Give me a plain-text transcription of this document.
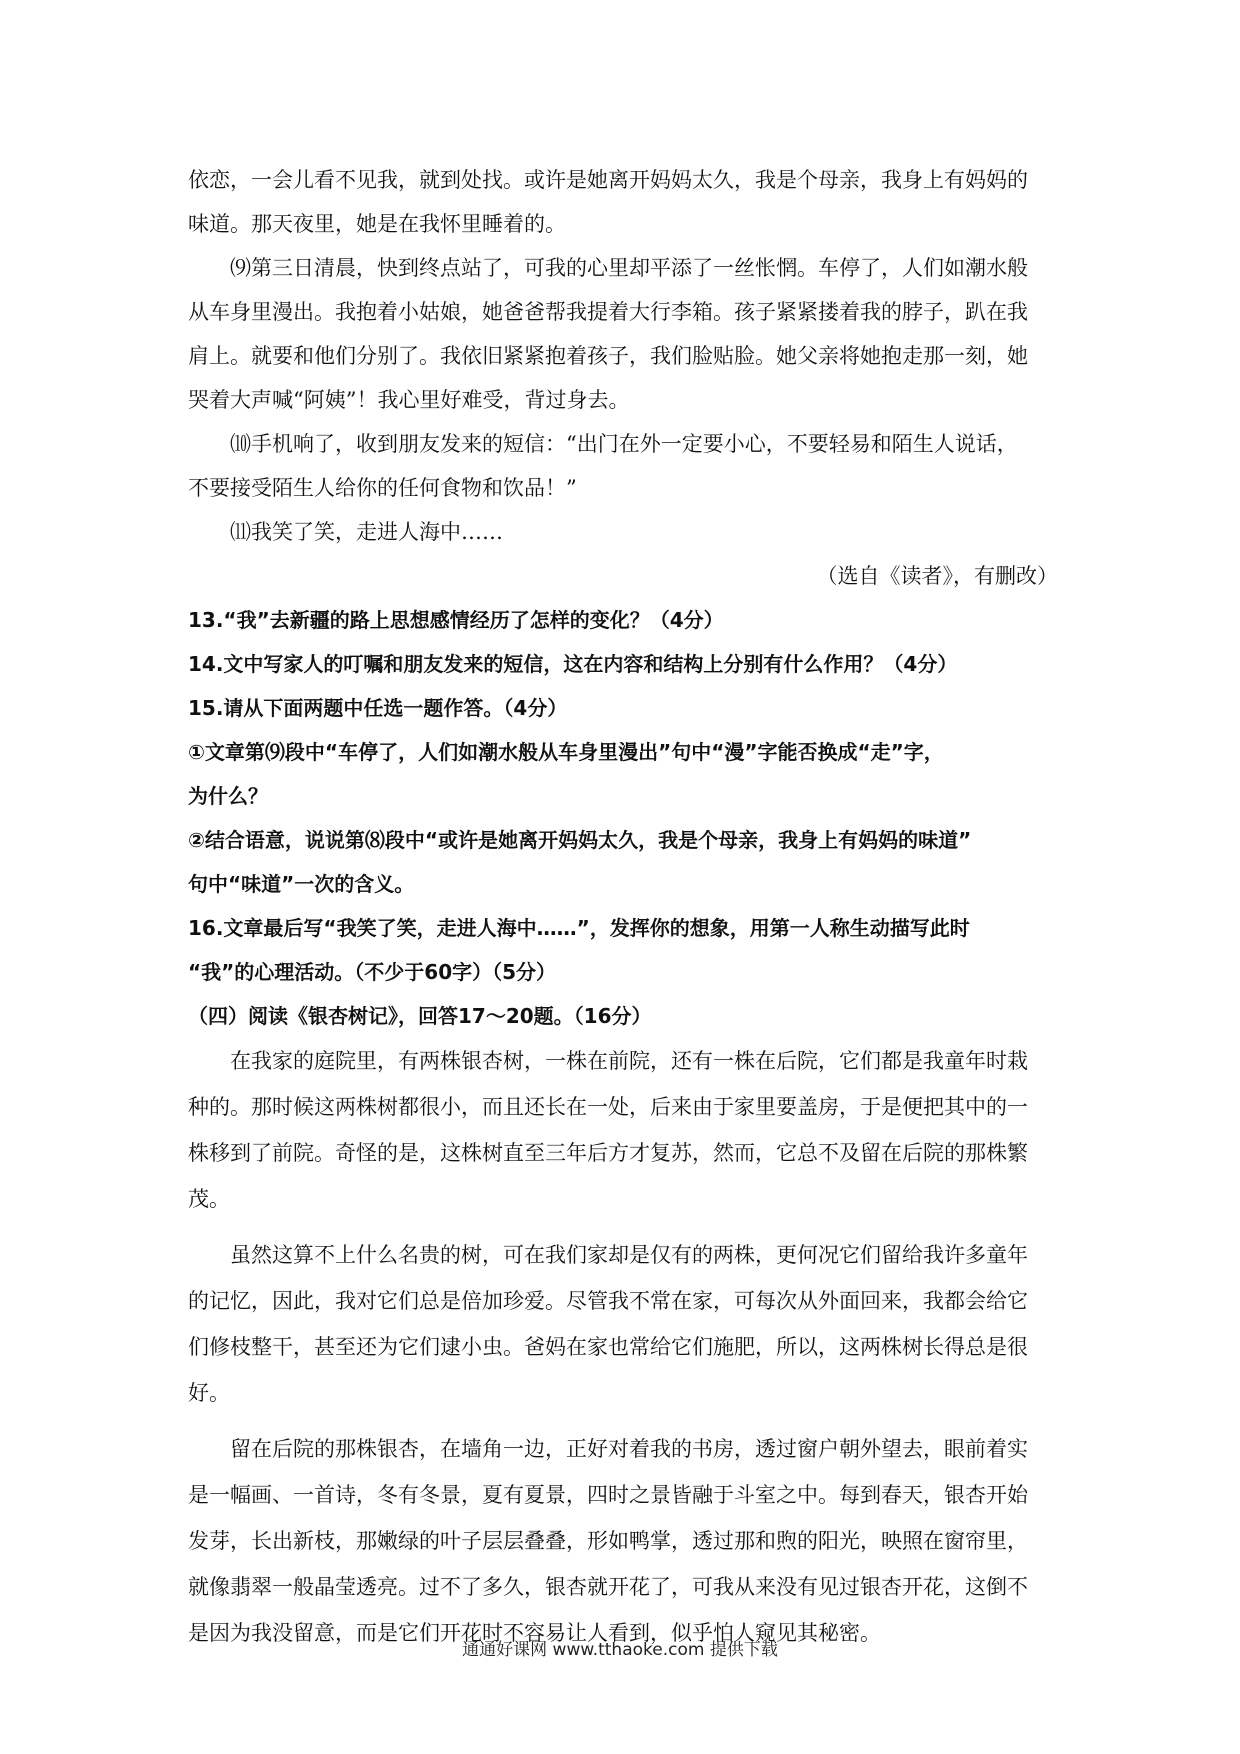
依恋，一会儿看不见我，就到处找。或许是她离开妈妈太久，我是个母亲，我身上有妈妈的
味道。那天夜里，她是在我怀里睡着的。
⑼第三日清晨，快到终点站了，可我的心里却平添了一丝怅惘。车停了，人们如潮水般
从车身里漫出。我抱着小姑娘，她爸爸帮我提着大行李箱。孩子紧紧搂着我的脖子，趴在我
肩上。就要和他们分别了。我依旧紧紧抱着孩子，我们脸贴脸。她父亲将她抱走那一刻，她
哭着大声喊“阿姨”！我心里好难受，背过身去。
⑽手机响了，收到朋友发来的短信：“出门在外一定要小心，不要轻易和陌生人说话，
不要接受陌生人给你的任何食物和饮品！”
⑾我笑了笑，走进人海中……
（选自《读者》，有删改）
13.“我”去新疆的路上思想感情经历了怎样的变化？（4分）
14.文中写家人的叮嘱和朋友发来的短信，这在内容和结构上分别有什么作用？（4分）
15.请从下面两题中任选一题作答。（4分）
①文章第⑼段中“车停了，人们如潮水般从车身里漫出”句中“漫”字能否换成“走”字，
为什么？
②结合语意，说说第⑻段中“或许是她离开妈妈太久，我是个母亲，我身上有妈妈的味道”
句中“味道”一次的含义。
16.文章最后写“我笑了笑，走进人海中……”，发挥你的想象，用第一人称生动描写此时
“我”的心理活动。（不少于60字）（5分）
（四）阅读《银杏树记》，回答17～20题。（16分）
在我家的庭院里，有两株银杏树，一株在前院，还有一株在后院，它们都是我童年时栽
种的。那时候这两株树都很小，而且还长在一处，后来由于家里要盖房，于是便把其中的一
株移到了前院。奇怪的是，这株树直至三年后方才复苏，然而，它总不及留在后院的那株繁
茂。
虽然这算不上什么名贵的树，可在我们家却是仅有的两株，更何况它们留给我许多童年
的记忆，因此，我对它们总是倍加珍爱。尽管我不常在家，可每次从外面回来，我都会给它
们修枝整干，甚至还为它们逮小虫。爸妈在家也常给它们施肥，所以，这两株树长得总是很
好。
留在后院的那株银杏，在墙角一边，正好对着我的书房，透过窗户朝外望去，眼前着实
是一幅画、一首诗，冬有冬景，夏有夏景，四时之景皆融于斗室之中。每到春天，银杏开始
发芽，长出新枝，那嫩绿的叶子层层叠叠，形如鸭掌，透过那和煦的阳光，映照在窗帘里，
就像翡翠一般晶莹透亮。过不了多久，银杏就开花了，可我从来没有见过银杏开花，这倒不
是因为我没留意，而是它们开花时不容易让人看到，似乎怕人窥见其秘密。
通通好课网 www.tthaoke.com 提供下载
